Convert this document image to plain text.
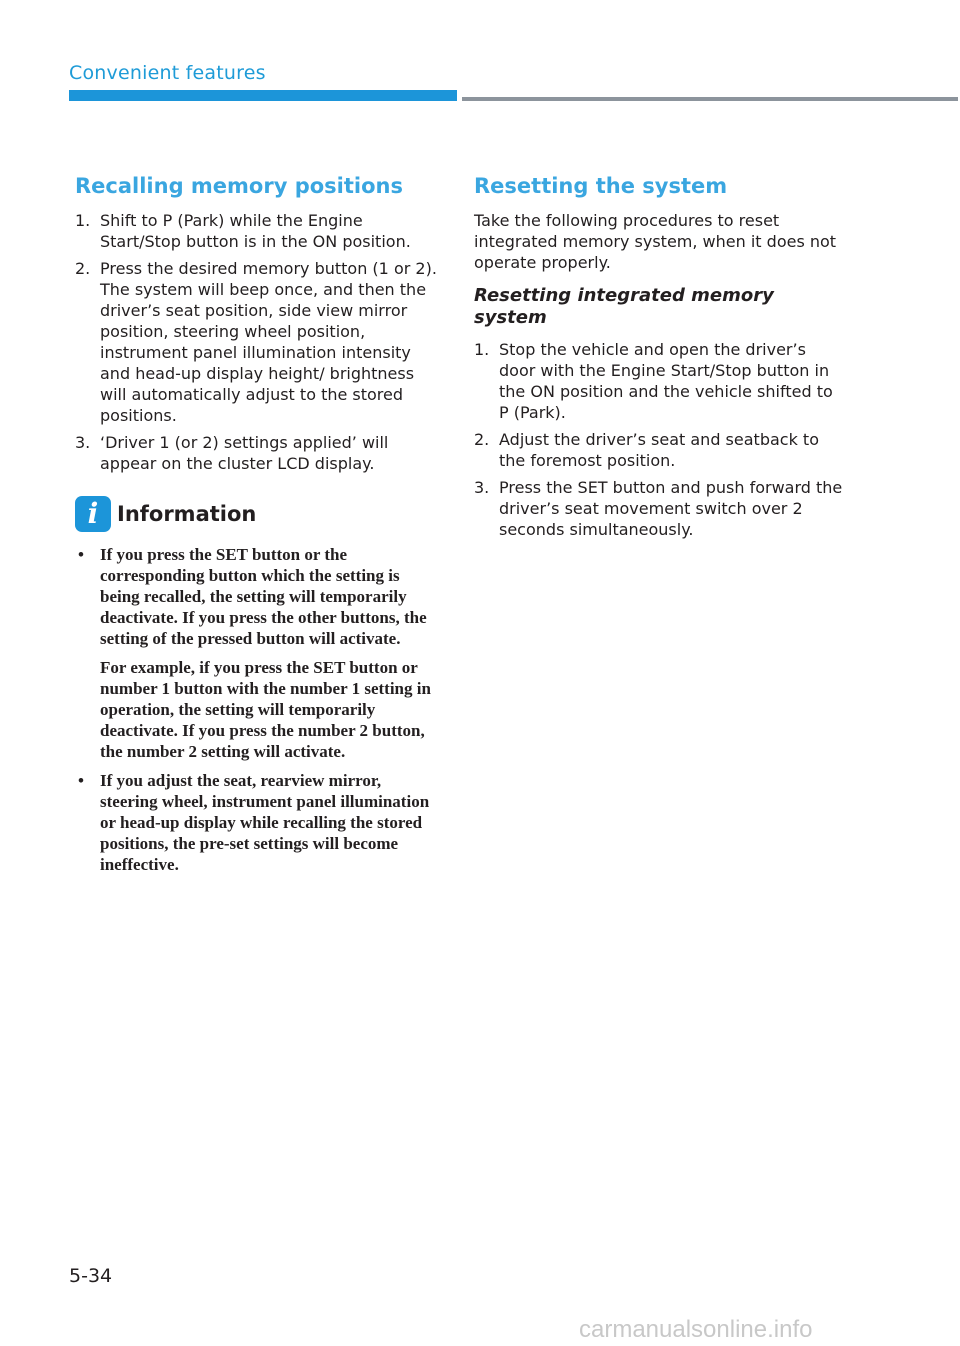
Convenient features
Recalling memory positions
1. Shift to P (Park) while the Engine Start/Stop button is in the ON position.
2. Press the desired memory button (1 or 2). The system will beep once, and then the driver’s seat position, side view mirror position, steering wheel position, instrument panel illumination intensity and head-up display height/ brightness will automatically adjust to the stored positions.
3. ‘Driver 1 (or 2) settings applied’ will appear on the cluster LCD display.
i Information
• If you press the SET button or the corresponding button which the setting is being recalled, the setting will temporarily deactivate. If you press the other buttons, the setting of the pressed button will activate.

For example, if you press the SET button or number 1 button with the number 1 setting in operation, the setting will temporarily deactivate. If you press the number 2 button, the number 2 setting will activate.

• If you adjust the seat, rearview mirror, steering wheel, instrument panel illumination or head-up display while recalling the stored positions, the pre-set settings will become ineffective.

Resetting the system

Take the following procedures to reset integrated memory system, when it does not operate properly.

Resetting integrated memory system
1. Stop the vehicle and open the driver’s door with the Engine Start/Stop button in the ON position and the vehicle shifted to P (Park).
2. Adjust the driver’s seat and seatback to the foremost position.
3. Press the SET button and push forward the driver’s seat movement switch over 2 seconds simultaneously.
5-34
carmanualsonline.info
